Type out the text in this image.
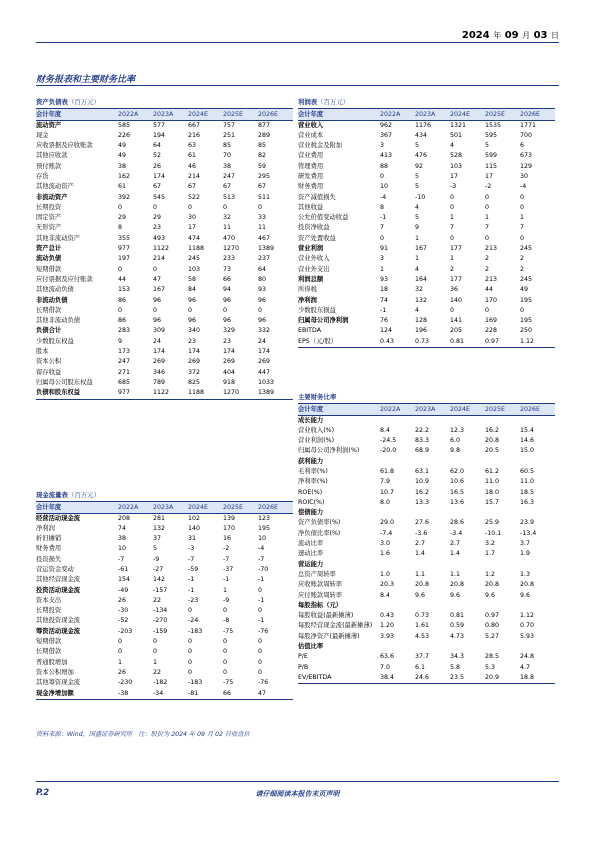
2024 年 09 月 03 日
财务报表和主要财务比率
资产负债表（百万元）
会计年度	2022A	2023A	2024E	2025E	2026E
流动资产	585	577	667	757	877
现金	226	194	216	251	289
应收票据及应收账款	49	64	63	85	85
其他应收款	49	52	61	70	82
预付账款	38	26	46	38	59
存货	162	174	214	247	295
其他流动资产	61	67	67	67	67
非流动资产	392	545	522	513	511
长期投资	0	0	0	0	0
固定资产	29	29	30	32	33
无形资产	8	23	17	11	11
其他非流动资产	355	493	474	470	467
资产总计	977	1122	1188	1270	1389
流动负债	197	214	245	233	237
短期借款	0	0	103	73	64
应付票据及应付账款	44	47	58	66	80
其他流动负债	153	167	84	94	93
非流动负债	86	96	96	96	96
长期借款	0	0	0	0	0
其他非流动负债	86	96	96	96	96
负债合计	283	309	340	329	332
少数股东权益	9	24	23	23	24
股本	173	174	174	174	174
资本公积	247	269	269	269	269
留存收益	271	346	372	404	447
归属母公司股东权益	685	789	825	918	1033
负债和股东权益	977	1122	1188	1270	1389
现金流量表（百万元）
会计年度	2022A	2023A	2024E	2025E	2026E
经营活动现金流	208	281	102	139	123
净利润	74	132	140	170	195
折旧摊销	38	37	31	16	10
财务费用	10	5	-3	-2	-4
投资损失	-7	-9	-7	-7	-7
营运资金变动	-61	-27	-59	-37	-70
其他经营现金流	154	142	-1	-1	-1
投资活动现金流	-49	-157	-1	1	0
资本支出	26	22	-23	-9	-1
长期投资	-30	-134	0	0	0
其他投资现金流	-52	-270	-24	-8	-1
筹资活动现金流	-203	-159	-183	-75	-76
短期借款	0	0	0	0	0
长期借款	0	0	0	0	0
普通股增加	1	1	0	0	0
资本公积增加	26	22	0	0	0
其他筹资现金流	-230	-182	-183	-75	-76
现金净增加额	-38	-34	-81	66	47
利润表（百万元）
会计年度	2022A	2023A	2024E	2025E	2026E
营业收入	962	1176	1321	1535	1771
营业成本	367	434	501	595	700
营业税金及附加	3	5	4	5	6
营业费用	413	476	528	599	673
管理费用	88	92	103	115	129
研发费用	0	5	17	17	30
财务费用	10	5	-3	-2	-4
资产减值损失	-4	-10	0	0	0
其他收益	8	4	0	0	0
公允价值变动收益	-1	5	1	1	1
投资净收益	7	9	7	7	7
资产处置收益	0	1	0	0	0
营业利润	91	167	177	213	245
营业外收入	3	1	1	2	2
营业外支出	1	4	2	2	2
利润总额	93	164	177	213	245
所得税	18	32	36	44	49
净利润	74	132	140	170	195
少数股东损益	-1	4	0	0	0
归属母公司净利润	76	128	141	169	195
EBITDA	124	196	205	228	250
EPS（元/股）	0.43	0.73	0.81	0.97	1.12
主要财务比率
会计年度	2022A	2023A	2024E	2025E	2026E
成长能力
营业收入(%)	8.4	22.2	12.3	16.2	15.4
营业利润(%)	-24.5	83.3	6.0	20.8	14.6
归属母公司净利润(%)	-20.0	68.9	9.8	20.5	15.0
获利能力
毛利率(%)	61.8	63.1	62.0	61.2	60.5
净利率(%)	7.9	10.9	10.6	11.0	11.0
ROE(%)	10.7	16.2	16.5	18.0	18.5
ROIC(%)	8.0	13.3	13.6	15.7	16.3
偿债能力
资产负债率(%)	29.0	27.6	28.6	25.9	23.9
净负债比率(%)	-7.4	-3.6	-3.4	-10.1	-13.4
流动比率	3.0	2.7	2.7	3.2	3.7
速动比率	1.6	1.4	1.4	1.7	1.9
营运能力
总资产周转率	1.0	1.1	1.1	1.2	1.3
应收账款周转率	20.3	20.8	20.8	20.8	20.8
应付账款周转率	8.4	9.6	9.6	9.6	9.6
每股指标（元）
每股收益(最新摊薄)	0.43	0.73	0.81	0.97	1.12
每股经营现金流(最新摊薄)	1.20	1.61	0.59	0.80	0.70
每股净资产(最新摊薄)	3.93	4.53	4.73	5.27	5.93
估值比率
P/E	63.6	37.7	34.3	28.5	24.8
P/B	7.0	6.1	5.8	5.3	4.7
EV/EBITDA	38.4	24.6	23.5	20.9	18.8
资料来源：Wind，国盛证券研究所　注：股价为 2024 年 09 月 02 日收盘价
P.2	请仔细阅读本报告末页声明
